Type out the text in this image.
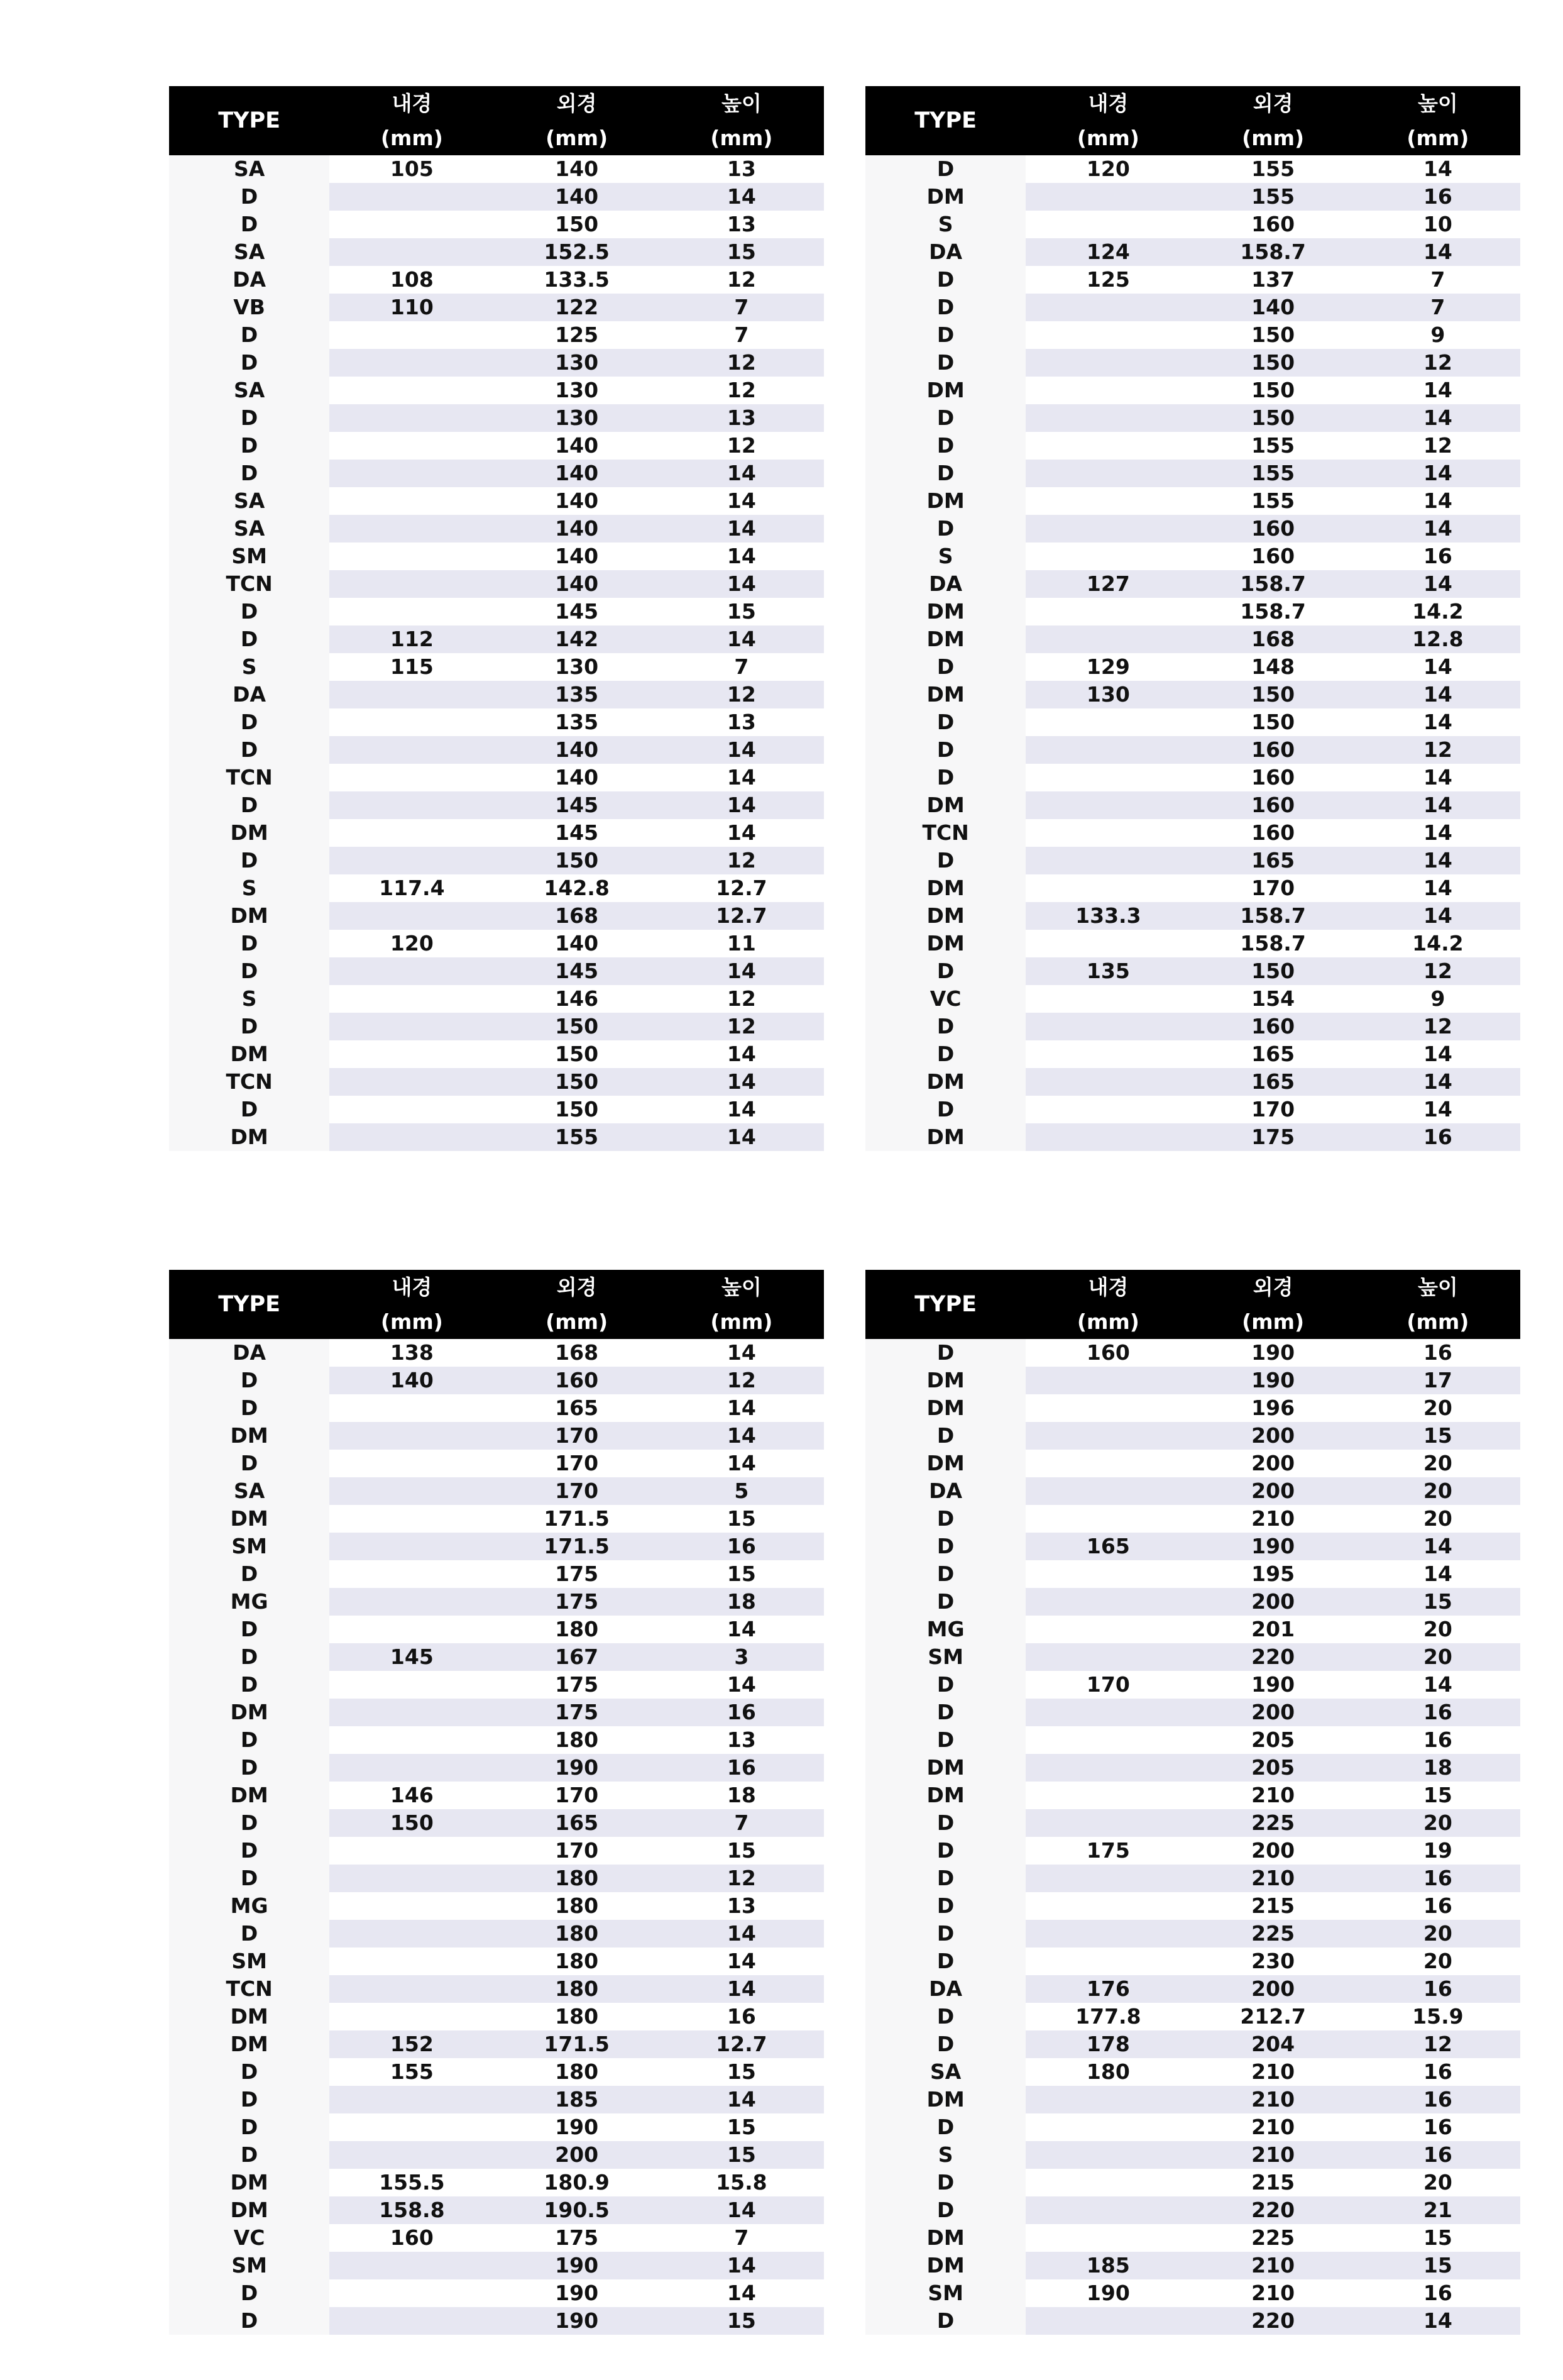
TYPE	내경	외경	높이
	(mm)	(mm)	(mm)
SA	105	140	13
D		140	14
D		150	13
SA		152.5	15
DA	108	133.5	12
VB	110	122	7
D		125	7
D		130	12
SA		130	12
D		130	13
D		140	12
D		140	14
SA		140	14
SA		140	14
SM		140	14
TCN		140	14
D		145	15
D	112	142	14
S	115	130	7
DA		135	12
D		135	13
D		140	14
TCN		140	14
D		145	14
DM		145	14
D		150	12
S	117.4	142.8	12.7
DM		168	12.7
D	120	140	11
D		145	14
S		146	12
D		150	12
DM		150	14
TCN		150	14
D		150	14
DM		155	14
TYPE	내경	외경	높이
	(mm)	(mm)	(mm)
D	120	155	14
DM		155	16
S		160	10
DA	124	158.7	14
D	125	137	7
D		140	7
D		150	9
D		150	12
DM		150	14
D		150	14
D		155	12
D		155	14
DM		155	14
D		160	14
S		160	16
DA	127	158.7	14
DM		158.7	14.2
DM		168	12.8
D	129	148	14
DM	130	150	14
D		150	14
D		160	12
D		160	14
DM		160	14
TCN		160	14
D		165	14
DM		170	14
DM	133.3	158.7	14
DM		158.7	14.2
D	135	150	12
VC		154	9
D		160	12
D		165	14
DM		165	14
D		170	14
DM		175	16
TYPE	내경	외경	높이
	(mm)	(mm)	(mm)
DA	138	168	14
D	140	160	12
D		165	14
DM		170	14
D		170	14
SA		170	5
DM		171.5	15
SM		171.5	16
D		175	15
MG		175	18
D		180	14
D	145	167	3
D		175	14
DM		175	16
D		180	13
D		190	16
DM	146	170	18
D	150	165	7
D		170	15
D		180	12
MG		180	13
D		180	14
SM		180	14
TCN		180	14
DM		180	16
DM	152	171.5	12.7
D	155	180	15
D		185	14
D		190	15
D		200	15
DM	155.5	180.9	15.8
DM	158.8	190.5	14
VC	160	175	7
SM		190	14
D		190	14
D		190	15
TYPE	내경	외경	높이
	(mm)	(mm)	(mm)
D	160	190	16
DM		190	17
DM		196	20
D		200	15
DM		200	20
DA		200	20
D		210	20
D	165	190	14
D		195	14
D		200	15
MG		201	20
SM		220	20
D	170	190	14
D		200	16
D		205	16
DM		205	18
DM		210	15
D		225	20
D	175	200	19
D		210	16
D		215	16
D		225	20
D		230	20
DA	176	200	16
D	177.8	212.7	15.9
D	178	204	12
SA	180	210	16
DM		210	16
D		210	16
S		210	16
D		215	20
D		220	21
DM		225	15
DM	185	210	15
SM	190	210	16
D		220	14
